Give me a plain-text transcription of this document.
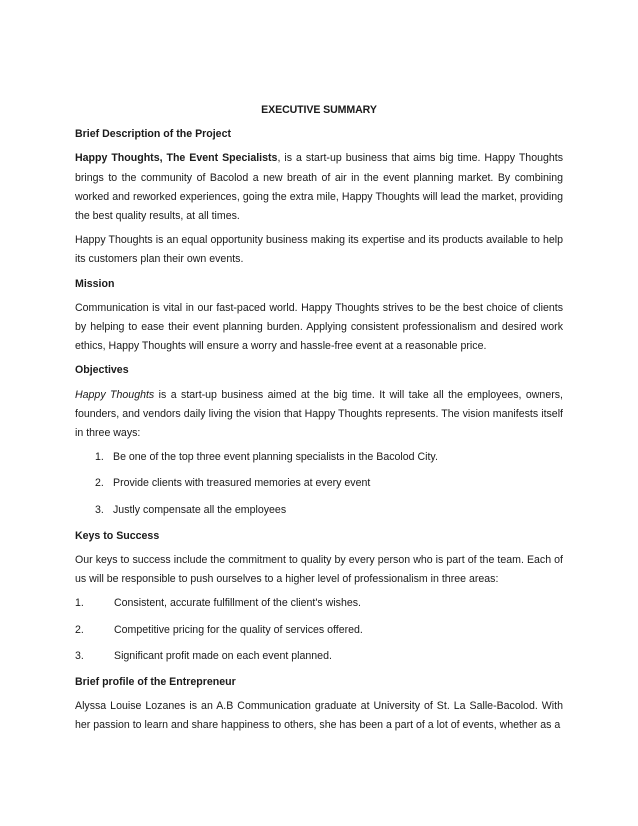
EXECUTIVE SUMMARY

Brief Description of the Project

Happy Thoughts, The Event Specialists, is a start-up business that aims big time. Happy Thoughts brings to the community of Bacolod a new breath of air in the event planning market. By combining worked and reworked experiences, going the extra mile, Happy Thoughts will lead the market, providing the best quality results, at all times.

Happy Thoughts is an equal opportunity business making its expertise and its products available to help its customers plan their own events.

Mission

Communication is vital in our fast-paced world. Happy Thoughts strives to be the best choice of clients by helping to ease their event planning burden. Applying consistent professionalism and desired work ethics, Happy Thoughts will ensure a worry and hassle-free event at a reasonable price.

Objectives

Happy Thoughts is a start-up business aimed at the big time. It will take all the employees, owners, founders, and vendors daily living the vision that Happy Thoughts represents. The vision manifests itself in three ways:

1. Be one of the top three event planning specialists in the Bacolod City.
2. Provide clients with treasured memories at every event
3. Justly compensate all the employees

Keys to Success

Our keys to success include the commitment to quality by every person who is part of the team. Each of us will be responsible to push ourselves to a higher level of professionalism in three areas:

1.	Consistent, accurate fulfillment of the client's wishes.
2.	Competitive pricing for the quality of services offered.
3.	Significant profit made on each event planned.

Brief profile of the Entrepreneur

Alyssa Louise Lozanes is an A.B Communication graduate at University of St. La Salle-Bacolod. With her passion to learn and share happiness to others, she has been a part of a lot of events, whether as a
